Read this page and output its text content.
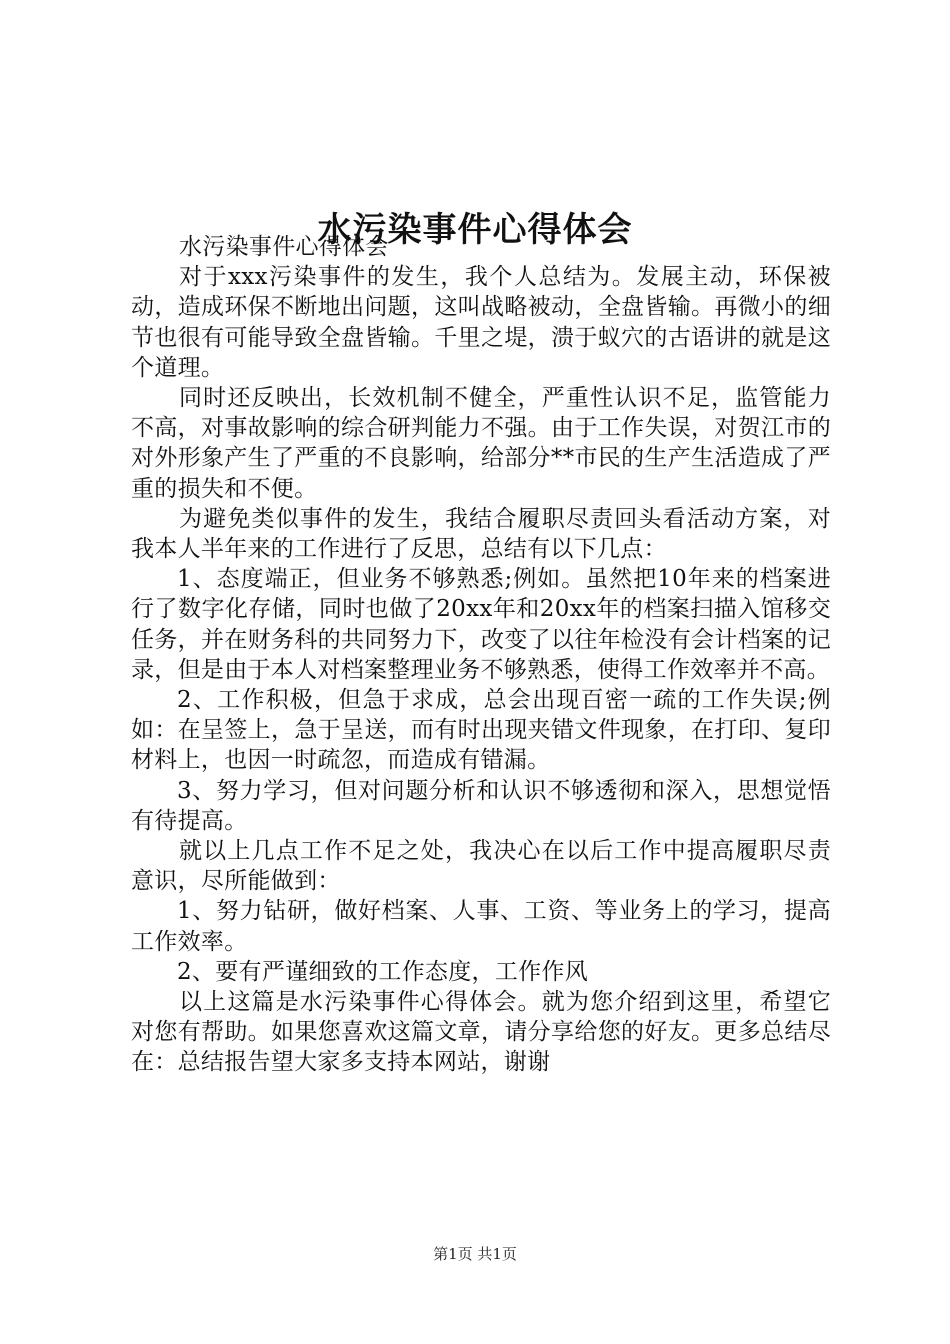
水污染事件心得体会

水污染事件心得体会

对于xxx污染事件的发生，我个人总结为。发展主动，环保被动，造成环保不断地出问题，这叫战略被动，全盘皆输。再微小的细节也很有可能导致全盘皆输。千里之堤，溃于蚁穴的古语讲的就是这个道理。

同时还反映出，长效机制不健全，严重性认识不足，监管能力不高，对事故影响的综合研判能力不强。由于工作失误，对贺江市的对外形象产生了严重的不良影响，给部分**市民的生产生活造成了严重的损失和不便。

为避免类似事件的发生，我结合履职尽责回头看活动方案，对我本人半年来的工作进行了反思，总结有以下几点：

1、态度端正，但业务不够熟悉;例如。虽然把10年来的档案进行了数字化存储，同时也做了20xx年和20xx年的档案扫描入馆移交任务，并在财务科的共同努力下，改变了以往年检没有会计档案的记录，但是由于本人对档案整理业务不够熟悉，使得工作效率并不高。

2、工作积极，但急于求成，总会出现百密一疏的工作失误;例如：在呈签上，急于呈送，而有时出现夹错文件现象，在打印、复印材料上，也因一时疏忽，而造成有错漏。

3、努力学习，但对问题分析和认识不够透彻和深入，思想觉悟有待提高。

就以上几点工作不足之处，我决心在以后工作中提高履职尽责意识，尽所能做到：

1、努力钻研，做好档案、人事、工资、等业务上的学习，提高工作效率。

2、要有严谨细致的工作态度，工作作风

以上这篇是水污染事件心得体会。就为您介绍到这里，希望它对您有帮助。如果您喜欢这篇文章，请分享给您的好友。更多总结尽在：总结报告望大家多支持本网站，谢谢

第1页 共1页
